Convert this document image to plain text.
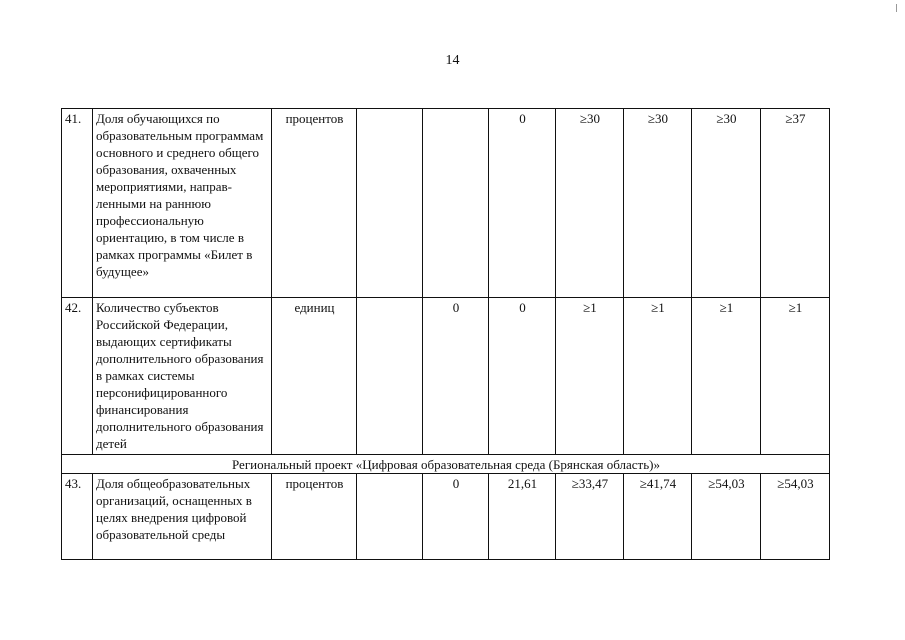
14
41.	Доля обучающихся по образовательным программам основного и среднего общего образования, охваченных мероприятиями, направленными на раннюю профессиональную ориентацию, в том числе в рамках программы «Билет в будущее»	процентов			0	≥30	≥30	≥30	≥37
42.	Количество субъектов Российской Федерации, выдающих сертификаты дополнительного образования в рамках системы персонифицированного финансирования дополнительного образования детей	единиц		0	0	≥1	≥1	≥1	≥1
Региональный проект «Цифровая образовательная среда (Брянская область)»									
43.	Доля общеобразовательных организаций, оснащенных в целях внедрения цифровой образовательной среды	процентов		0	21,61	≥33,47	≥41,74	≥54,03	≥54,03
